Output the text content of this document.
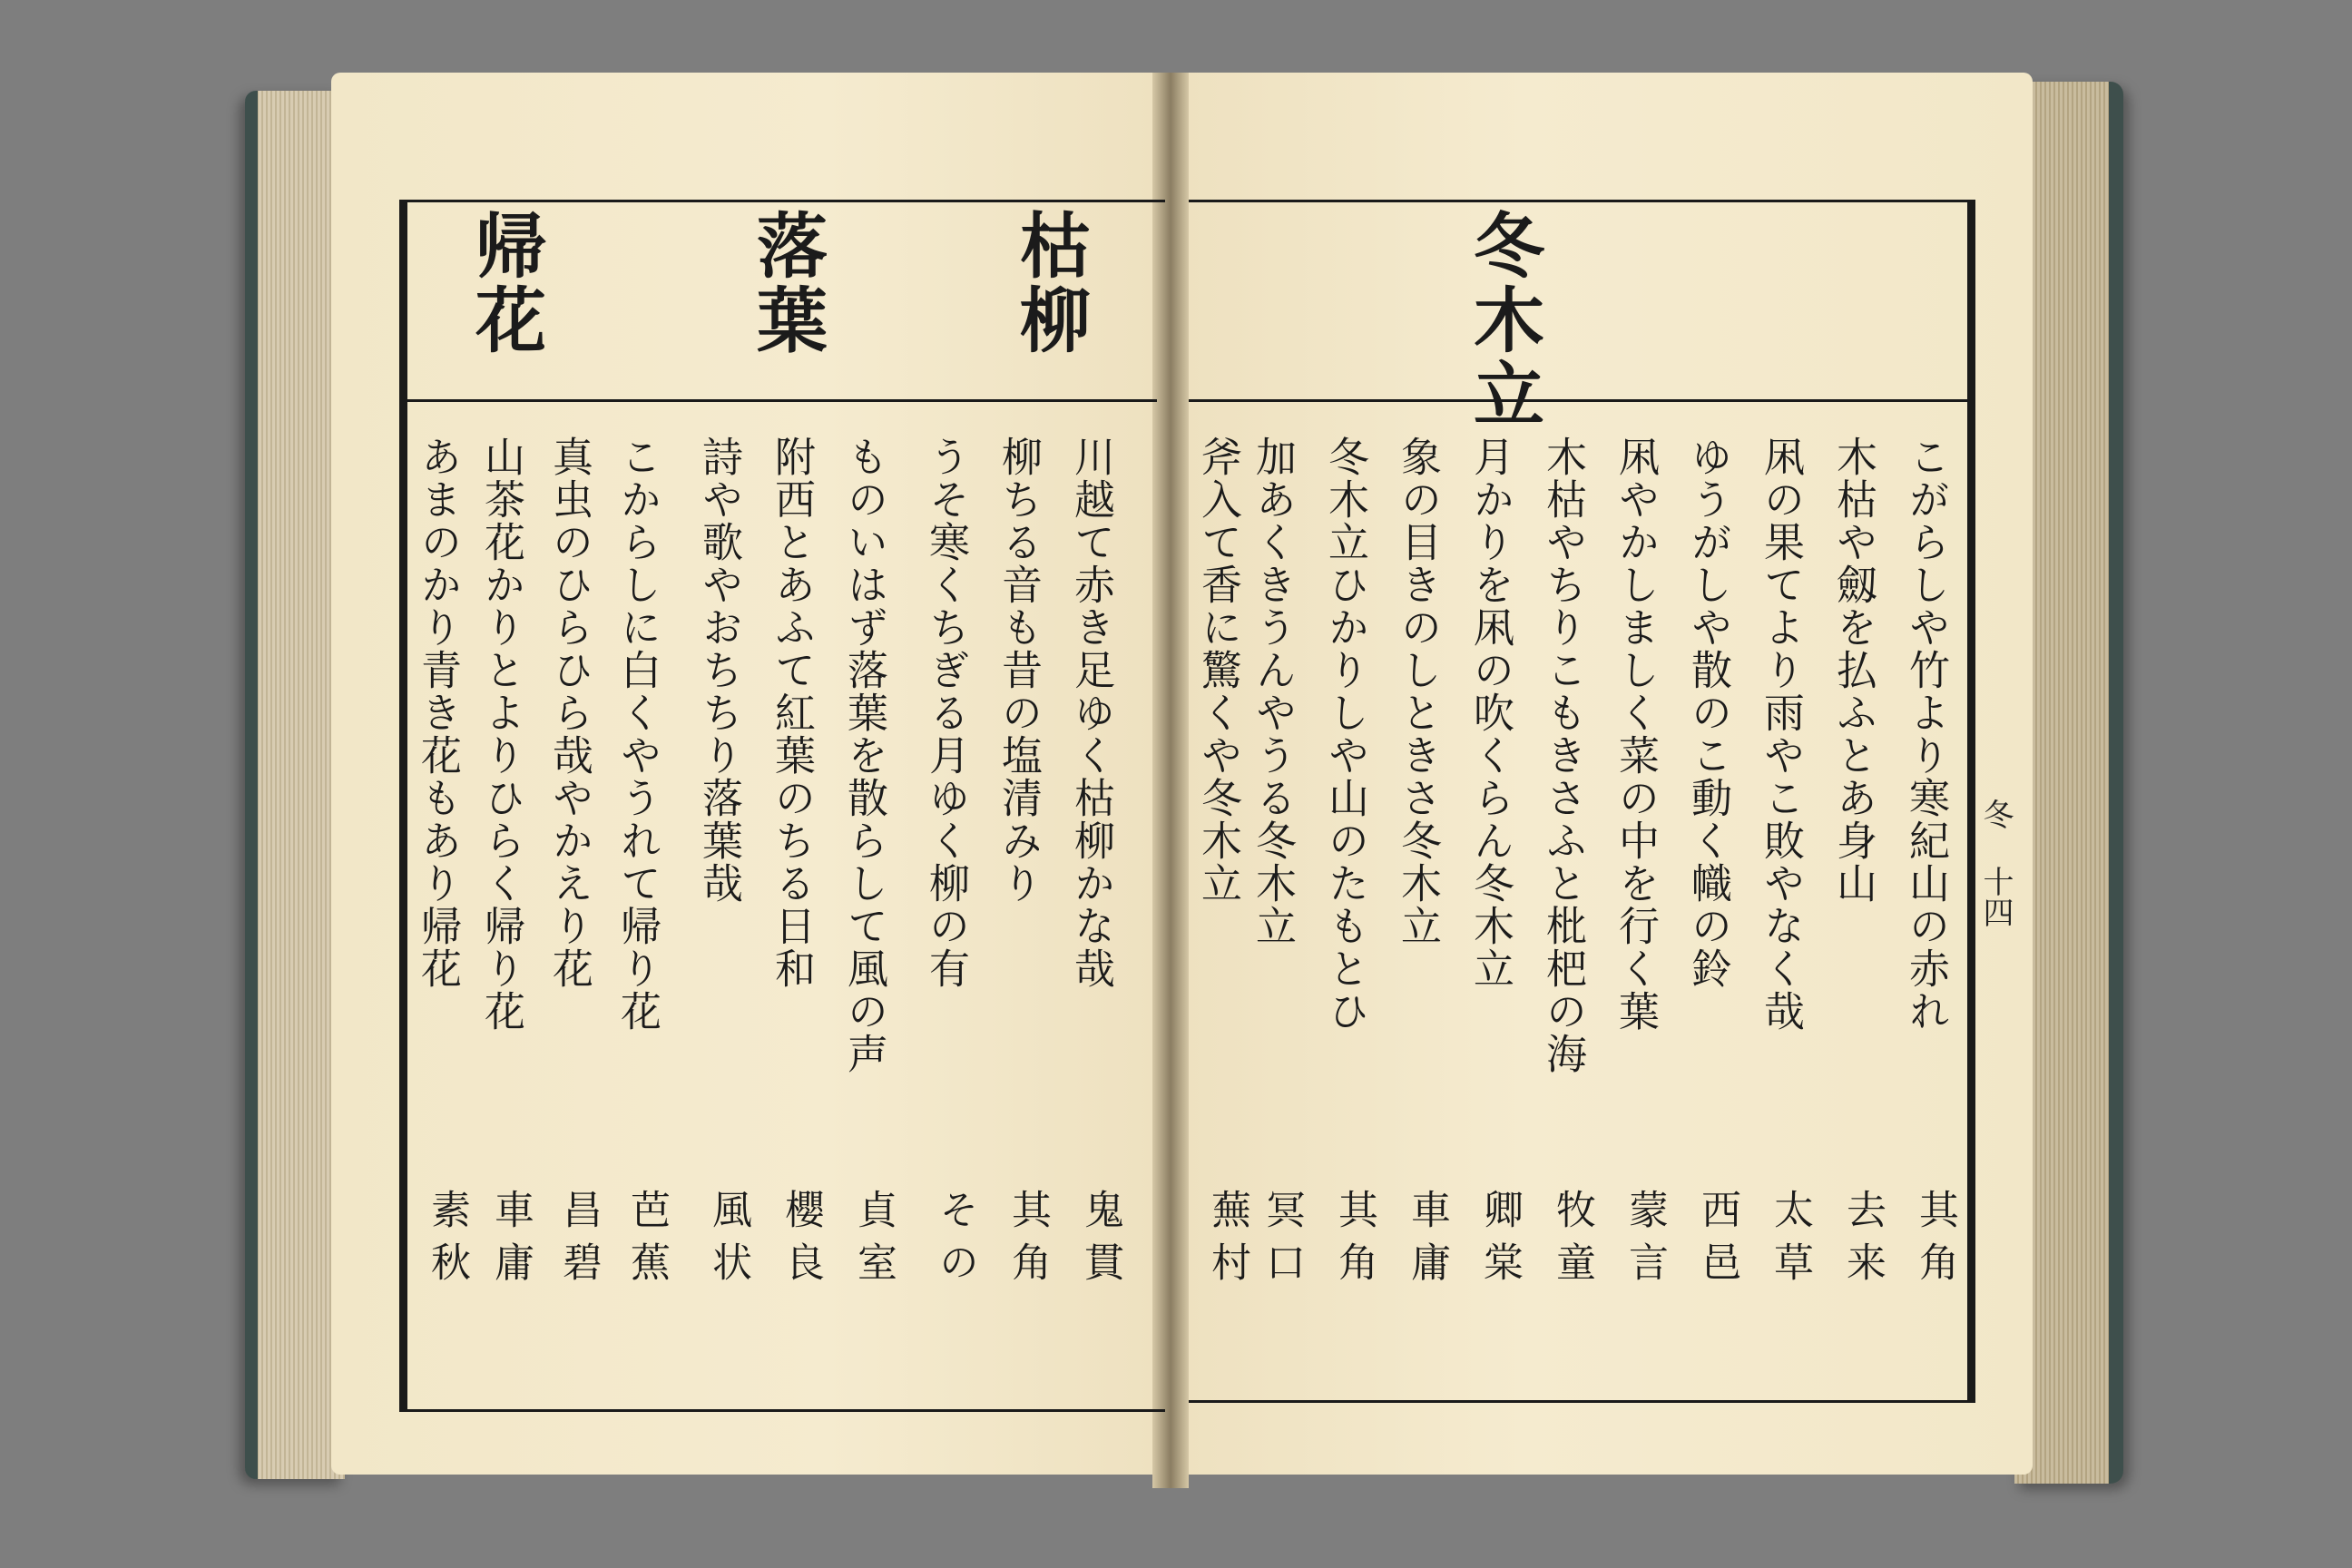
冬木立
冬 十四
こがらしや竹より寒紀山の赤れ
木枯や劔を払ふとあ身山
凩の果てより雨やこ敗やなく哉
ゆうがしや散のこ動く幟の鈴
凩やかしましく菜の中を行く葉
木枯やちりこもきさふと枇杷の海
月かりを凩の吹くらん冬木立
象の目きのしときさ冬木立
冬木立ひかりしや山のたもとひ
加あくきうんやうる冬木立
斧入て香に驚くや冬木立
其角
去来
太草
西邑
蒙言
牧童
卿棠
車庸
其角
冥口
蕪村
枯柳
落葉
帰花
川越て赤き足ゆく枯柳かな哉
柳ちる音も昔の塩清みり
うそ寒くちぎる月ゆく柳の有
ものいはず落葉を散らして風の声
附西とあふて紅葉のちる日和
詩や歌やおちちり落葉哉
こからしに白くやうれて帰り花
真虫のひらひら哉やかえり花
山茶花かりとよりひらく帰り花
あまのかり青き花もあり帰花
鬼貫
其角
その
貞室
櫻良
風状
芭蕉
昌碧
車庸
素秋
